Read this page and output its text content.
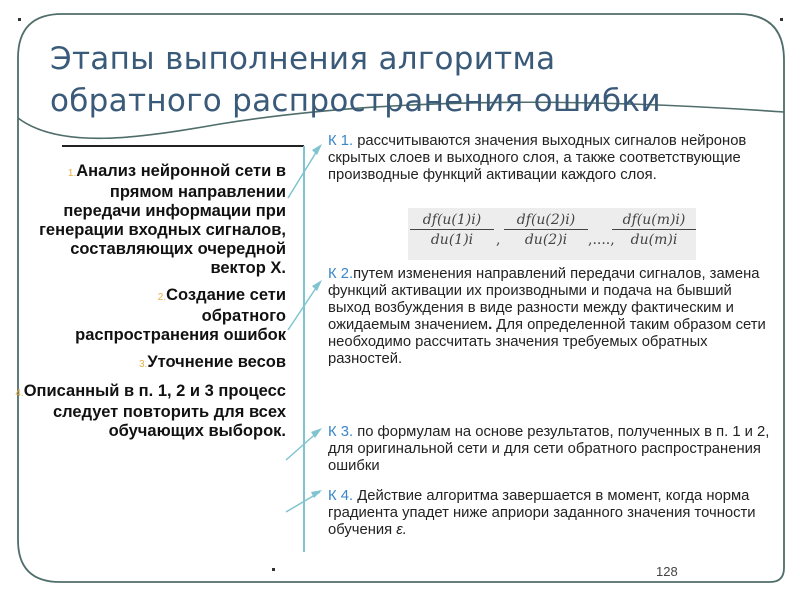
Этапы выполнения алгоритма
обратного распространения ошибки
1.Анализ нейронной сети в прямом направлении передачи информации при генерации входных сигналов, составляющих очередной вектор X.
2.Создание сети обратного распространения ошибок
3.Уточнение весов
4.Описанный в п. 1, 2 и 3 процесс следует повторить для всех обучающих выборок.
К 1. рассчитываются значения выходных сигналов нейронов скрытых слоев и выходного слоя, а также соответствующие производные функций активации каждого слоя.
$\frac{df(u(1)i)}{du(1)i}$ , $\frac{df(u(2)i)}{du(2)i}$ ,....,
$\frac{df(u(m)i)}{du(m)i}$
К 2.путем изменения направлений передачи сигналов, замена функций активации их производными и подача на бывший выход возбуждения в виде разности между фактическим и ожидаемым значением. Для определенной таким образом сети необходимо рассчитать значения требуемых обратных разностей.
К 3. по формулам на основе результатов, полученных в п. 1 и 2, для оригинальной сети и для сети обратного распространения ошибки
К 4. Действие алгоритма завершается в момент, когда норма градиента упадет ниже априори заданного значения точности обучения ε.
128
